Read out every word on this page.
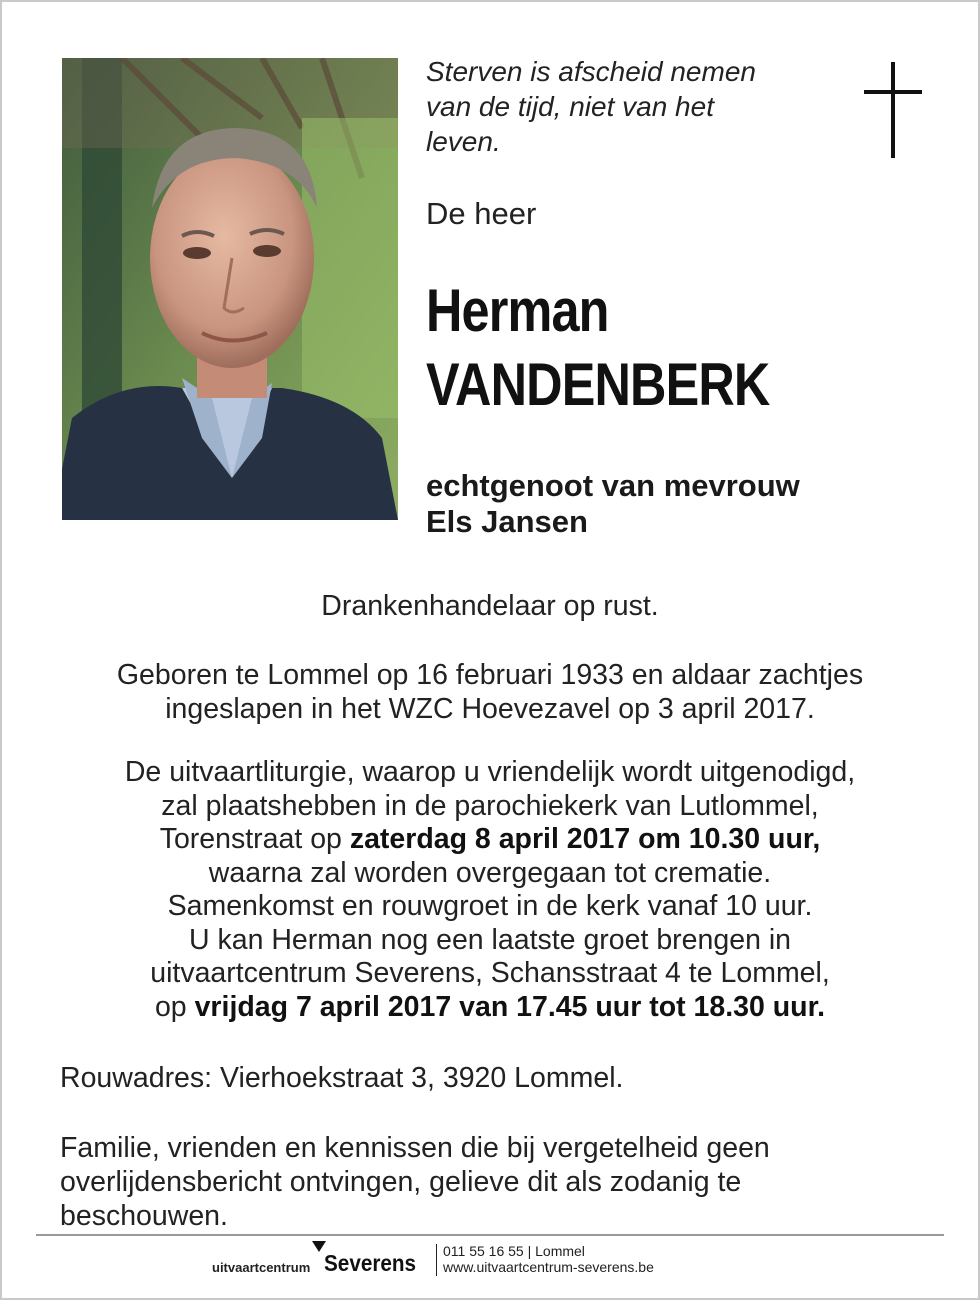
Sterven is afscheid nemen
van de tijd, niet van het
leven.
De heer
Herman
VANDENBERK
echtgenoot van mevrouw
Els Jansen
Drankenhandelaar op rust.
Geboren te Lommel op 16 februari 1933 en aldaar zachtjes
ingeslapen in het WZC Hoevezavel op 3 april 2017.
De uitvaartliturgie, waarop u vriendelijk wordt uitgenodigd,
zal plaatshebben in de parochiekerk van Lutlommel,
Torenstraat op zaterdag 8 april 2017 om 10.30 uur,
waarna zal worden overgegaan tot crematie.
Samenkomst en rouwgroet in de kerk vanaf 10 uur.
U kan Herman nog een laatste groet brengen in
uitvaartcentrum Severens, Schansstraat 4 te Lommel,
op vrijdag 7 april 2017 van 17.45 uur tot 18.30 uur.
Rouwadres: Vierhoekstraat 3, 3920 Lommel.
Familie, vrienden en kennissen die bij vergetelheid geen
overlijdensbericht ontvingen, gelieve dit als zodanig te
beschouwen.
uitvaartcentrum Severens 011 55 16 55 | Lommel
www.uitvaartcentrum-severens.be
